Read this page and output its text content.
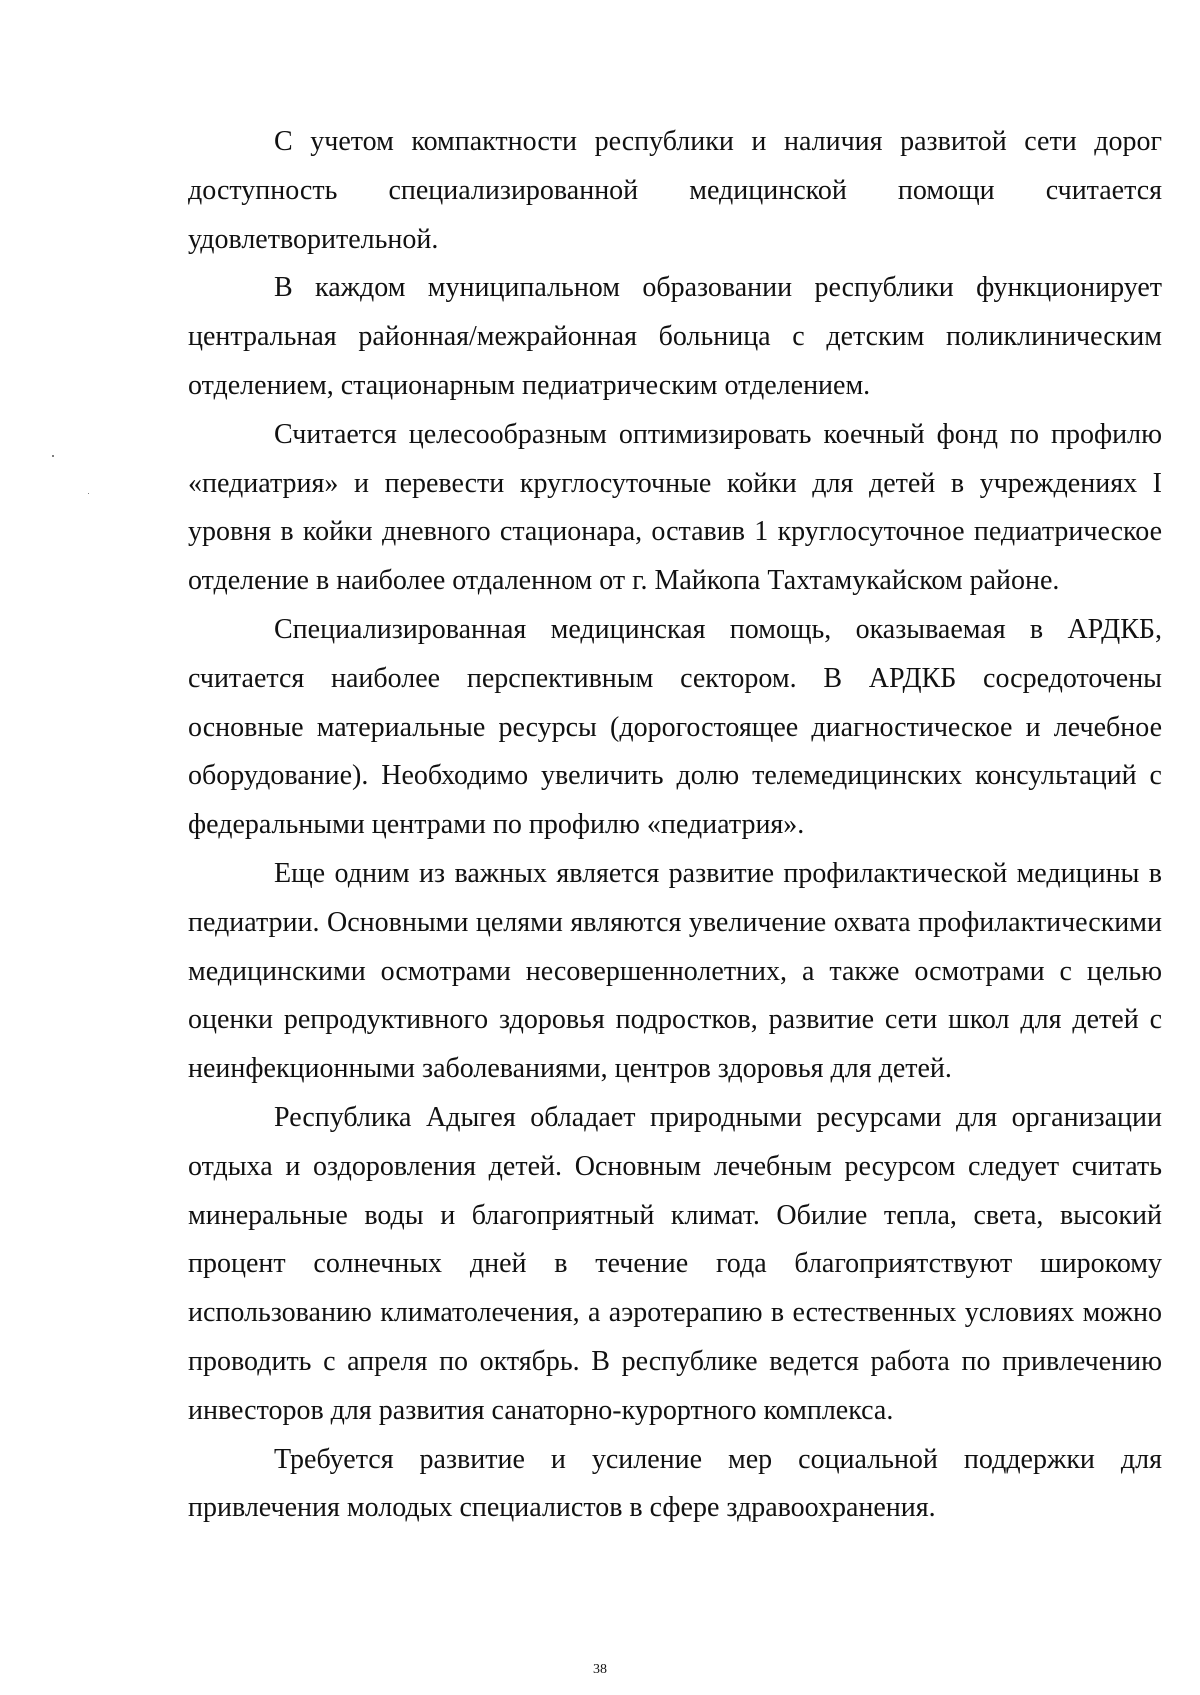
С учетом компактности республики и наличия развитой сети дорог доступность специализированной медицинской помощи считается удовлетворительной.

В каждом муниципальном образовании республики функционирует центральная районная/межрайонная больница с детским поликлиническим отделением, стационарным педиатрическим отделением.

Считается целесообразным оптимизировать коечный фонд по профилю «педиатрия» и перевести круглосуточные койки для детей в учреждениях I уровня в койки дневного стационара, оставив 1 круглосуточное педиатрическое отделение в наиболее отдаленном от г. Майкопа Тахтамукайском районе.

Специализированная медицинская помощь, оказываемая в АРДКБ, считается наиболее перспективным сектором. В АРДКБ сосредоточены основные материальные ресурсы (дорогостоящее диагностическое и лечебное оборудование). Необходимо увеличить долю телемедицинских консультаций с федеральными центрами по профилю «педиатрия».

Еще одним из важных является развитие профилактической медицины в педиатрии. Основными целями являются увеличение охвата профилактическими медицинскими осмотрами несовершеннолетних, а также осмотрами с целью оценки репродуктивного здоровья подростков, развитие сети школ для детей с неинфекционными заболеваниями, центров здоровья для детей.

Республика Адыгея обладает природными ресурсами для организации отдыха и оздоровления детей. Основным лечебным ресурсом следует считать минеральные воды и благоприятный климат. Обилие тепла, света, высокий процент солнечных дней в течение года благоприятствуют широкому использованию климатолечения, а аэротерапию в естественных условиях можно проводить с апреля по октябрь. В республике ведется работа по привлечению инвесторов для развития санаторно-курортного комплекса.

Требуется развитие и усиление мер социальной поддержки для привлечения молодых специалистов в сфере здравоохранения.

38
